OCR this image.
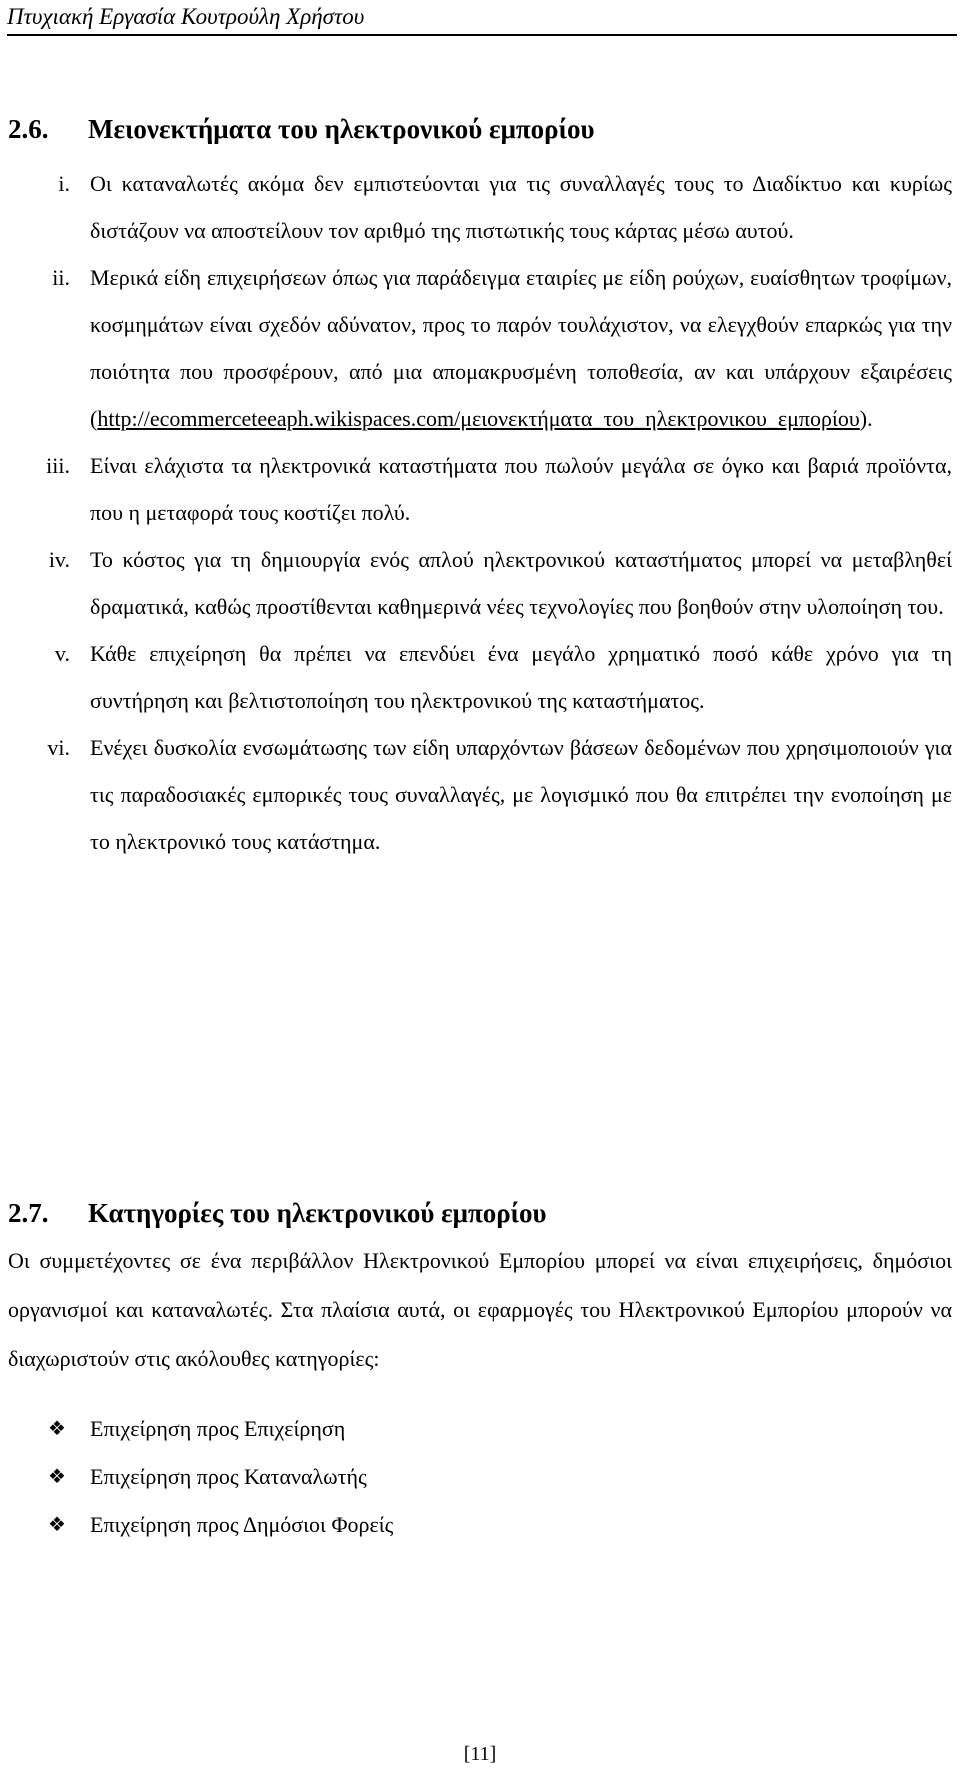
Πτυχιακή Εργασία Κουτρούλη Χρήστου
2.6. Μειονεκτήματα του ηλεκτρονικού εμπορίου
i. Οι καταναλωτές ακόμα δεν εμπιστεύονται για τις συναλλαγές τους το Διαδίκτυο και κυρίως διστάζουν να αποστείλουν τον αριθμό της πιστωτικής τους κάρτας μέσω αυτού.
ii. Μερικά είδη επιχειρήσεων όπως για παράδειγμα εταιρίες με είδη ρούχων, ευαίσθητων τροφίμων, κοσμημάτων είναι σχεδόν αδύνατον, προς το παρόν τουλάχιστον, να ελεγχθούν επαρκώς για την ποιότητα που προσφέρουν, από μια απομακρυσμένη τοποθεσία, αν και υπάρχουν εξαιρέσεις (http://ecommerceteeaph.wikispaces.com/μειονεκτήματα_του_ηλεκτρονικου_εμπορίου).
iii. Είναι ελάχιστα τα ηλεκτρονικά καταστήματα που πωλούν μεγάλα σε όγκο και βαριά προϊόντα, που η μεταφορά τους κοστίζει πολύ.
iv. Το κόστος για τη δημιουργία ενός απλού ηλεκτρονικού καταστήματος μπορεί να μεταβληθεί δραματικά, καθώς προστίθενται καθημερινά νέες τεχνολογίες που βοηθούν στην υλοποίηση του.
v. Κάθε επιχείρηση θα πρέπει να επενδύει ένα μεγάλο χρηματικό ποσό κάθε χρόνο για τη συντήρηση και βελτιστοποίηση του ηλεκτρονικού της καταστήματος.
vi. Ενέχει δυσκολία ενσωμάτωσης των είδη υπαρχόντων βάσεων δεδομένων που χρησιμοποιούν για τις παραδοσιακές εμπορικές τους συναλλαγές, με λογισμικό που θα επιτρέπει την ενοποίηση με το ηλεκτρονικό τους κατάστημα.
2.7. Κατηγορίες του ηλεκτρονικού εμπορίου

Οι συμμετέχοντες σε ένα περιβάλλον Ηλεκτρονικού Εμπορίου μπορεί να είναι επιχειρήσεις, δημόσιοι οργανισμοί και καταναλωτές. Στα πλαίσια αυτά, οι εφαρμογές του Ηλεκτρονικού Εμπορίου μπορούν να διαχωριστούν στις ακόλουθες κατηγορίες:

❖	Επιχείρηση προς Επιχείρηση
❖	Επιχείρηση προς Καταναλωτής
❖	Επιχείρηση προς Δημόσιοι Φορείς
[11]
